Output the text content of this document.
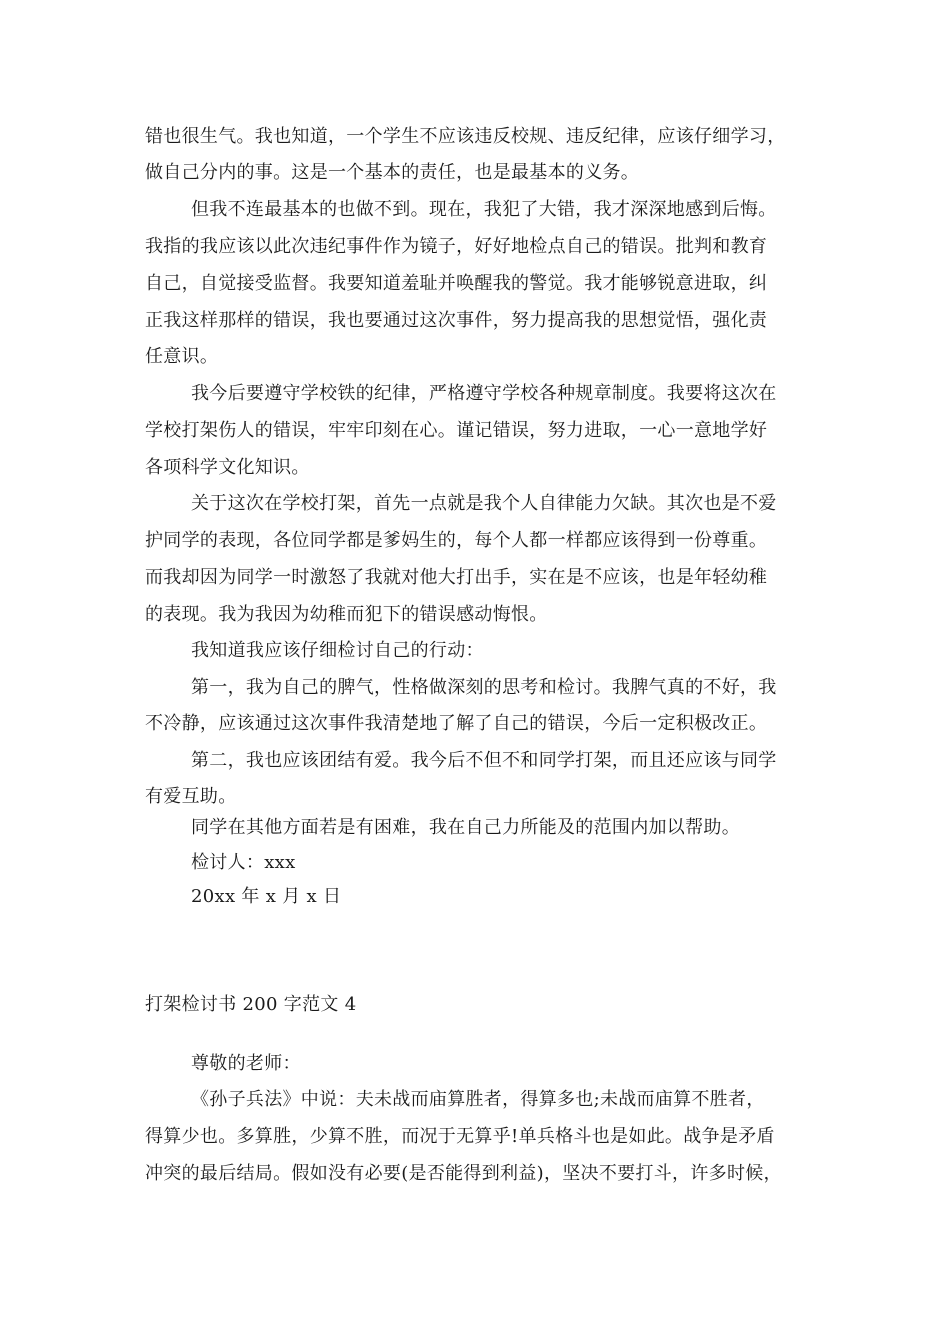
错也很生气。我也知道，一个学生不应该违反校规、违反纪律，应该仔细学习，
做自己分内的事。这是一个基本的责任，也是最基本的义务。
但我不连最基本的也做不到。现在，我犯了大错，我才深深地感到后悔。
我指的我应该以此次违纪事件作为镜子，好好地检点自己的错误。批判和教育
自己，自觉接受监督。我要知道羞耻并唤醒我的警觉。我才能够锐意进取，纠
正我这样那样的错误，我也要通过这次事件，努力提高我的思想觉悟，强化责
任意识。
我今后要遵守学校铁的纪律，严格遵守学校各种规章制度。我要将这次在
学校打架伤人的错误，牢牢印刻在心。谨记错误，努力进取，一心一意地学好
各项科学文化知识。
关于这次在学校打架，首先一点就是我个人自律能力欠缺。其次也是不爱
护同学的表现，各位同学都是爹妈生的，每个人都一样都应该得到一份尊重。
而我却因为同学一时激怒了我就对他大打出手，实在是不应该，也是年轻幼稚
的表现。我为我因为幼稚而犯下的错误感动悔恨。
我知道我应该仔细检讨自己的行动：
第一，我为自己的脾气，性格做深刻的思考和检讨。我脾气真的不好，我
不冷静，应该通过这次事件我清楚地了解了自己的错误，今后一定积极改正。
第二，我也应该团结有爱。我今后不但不和同学打架，而且还应该与同学
有爱互助。
同学在其他方面若是有困难，我在自己力所能及的范围内加以帮助。
检讨人：xxx
20xx 年 x 月 x 日
打架检讨书 200 字范文 4
尊敬的老师：
《孙子兵法》中说：夫未战而庙算胜者，得算多也;未战而庙算不胜者，
得算少也。多算胜，少算不胜，而况于无算乎!单兵格斗也是如此。战争是矛盾
冲突的最后结局。假如没有必要(是否能得到利益)，坚决不要打斗，许多时候，
